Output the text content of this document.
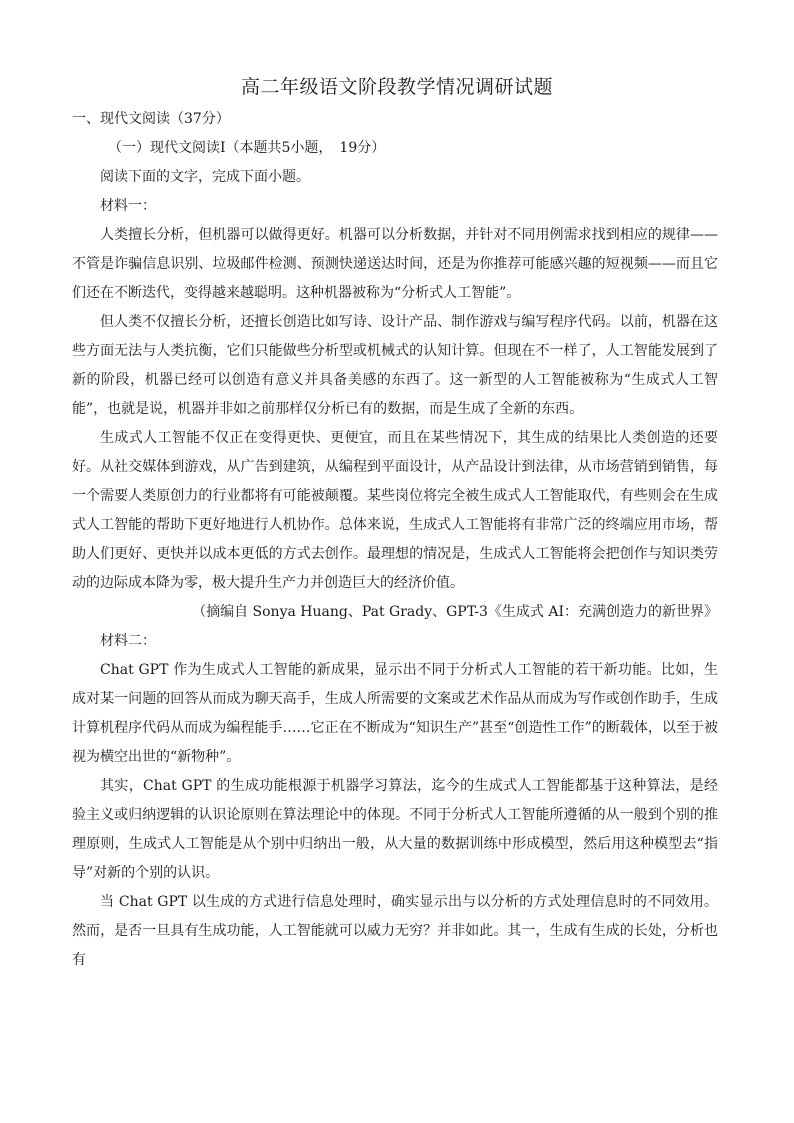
高二年级语文阶段教学情况调研试题

一、现代文阅读（37分）

（一）现代文阅读I（本题共5小题，　19分）

阅读下面的文字，完成下面小题。

材料一：

人类擅长分析，但机器可以做得更好。机器可以分析数据，并针对不同用例需求找到相应的规律——不管是诈骗信息识别、垃圾邮件检测、预测快递送达时间，还是为你推荐可能感兴趣的短视频——而且它们还在不断迭代，变得越来越聪明。这种机器被称为“分析式人工智能”。

但人类不仅擅长分析，还擅长创造比如写诗、设计产品、制作游戏与编写程序代码。以前，机器在这些方面无法与人类抗衡，它们只能做些分析型或机械式的认知计算。但现在不一样了，人工智能发展到了新的阶段，机器已经可以创造有意义并具备美感的东西了。这一新型的人工智能被称为“生成式人工智能”，也就是说，机器并非如之前那样仅分析已有的数据，而是生成了全新的东西。

生成式人工智能不仅正在变得更快、更便宜，而且在某些情况下，其生成的结果比人类创造的还要好。从社交媒体到游戏，从广告到建筑，从编程到平面设计，从产品设计到法律，从市场营销到销售，每一个需要人类原创力的行业都将有可能被颠覆。某些岗位将完全被生成式人工智能取代，有些则会在生成式人工智能的帮助下更好地进行人机协作。总体来说，生成式人工智能将有非常广泛的终端应用市场，帮助人们更好、更快并以成本更低的方式去创作。最理想的情况是，生成式人工智能将会把创作与知识类劳动的边际成本降为零，极大提升生产力并创造巨大的经济价值。

（摘编自 Sonya Huang、Pat Grady、GPT-3《生成式 AI：充满创造力的新世界》

材料二：

Chat GPT 作为生成式人工智能的新成果，显示出不同于分析式人工智能的若干新功能。比如，生成对某一问题的回答从而成为聊天高手，生成人所需要的文案或艺术作品从而成为写作或创作助手，生成计算机程序代码从而成为编程能手……它正在不断成为“知识生产”甚至“创造性工作”的断载体，以至于被视为横空出世的“新物种”。

其实，Chat GPT 的生成功能根源于机器学习算法，迄今的生成式人工智能都基于这种算法，是经验主义或归纳逻辑的认识论原则在算法理论中的体现。不同于分析式人工智能所遵循的从一般到个别的推理原则，生成式人工智能是从个别中归纳出一般，从大量的数据训练中形成模型，然后用这种模型去“指导”对新的个别的认识。

当 Chat GPT 以生成的方式进行信息处理时，确实显示出与以分析的方式处理信息时的不同效用。然而，是否一旦具有生成功能，人工智能就可以威力无穷？并非如此。其一，生成有生成的长处，分析也有
